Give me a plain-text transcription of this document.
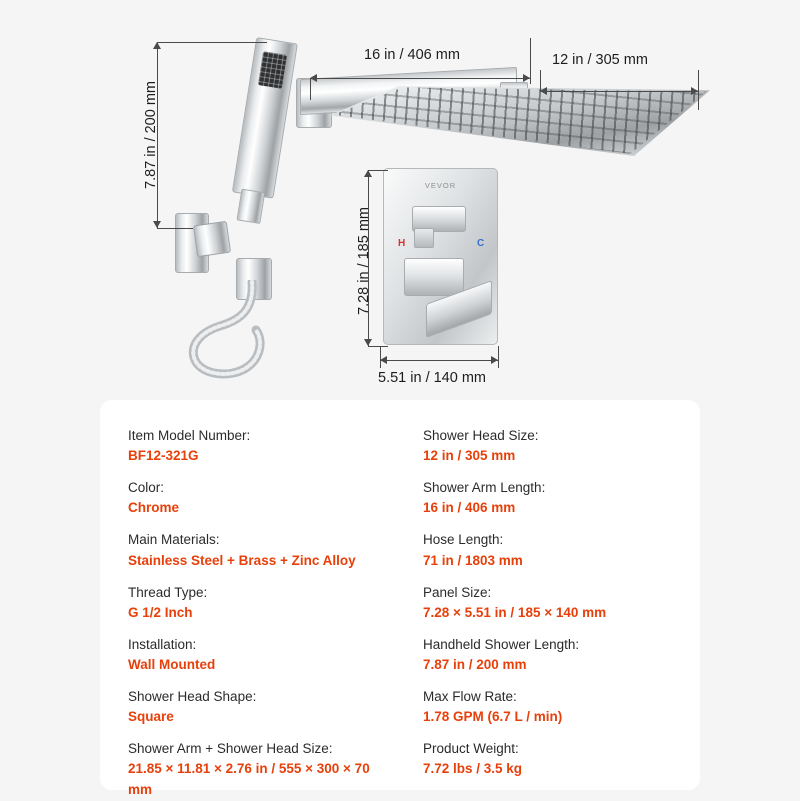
VEVOR
H	C
7.87 in / 200 mm
16 in / 406 mm	12 in / 305 mm
7.28 in / 185 mm
5.51 in / 140 mm
Item Model Number:
BF12-321G
Color:
Chrome
Main Materials:
Stainless Steel + Brass + Zinc Alloy
Thread Type:
G 1/2 Inch
Installation:
Wall Mounted
Shower Head Shape:
Square
Shower Arm + Shower Head Size:
21.85 × 11.81 × 2.76 in / 555 × 300 × 70 mm
Shower Head Size:
12 in / 305 mm
Shower Arm Length:
16 in / 406 mm
Hose Length:
71 in / 1803 mm
Panel Size:
7.28 × 5.51 in / 185 × 140 mm
Handheld Shower Length:
7.87 in / 200 mm
Max Flow Rate:
1.78 GPM (6.7 L / min)
Product Weight:
7.72 lbs / 3.5 kg
